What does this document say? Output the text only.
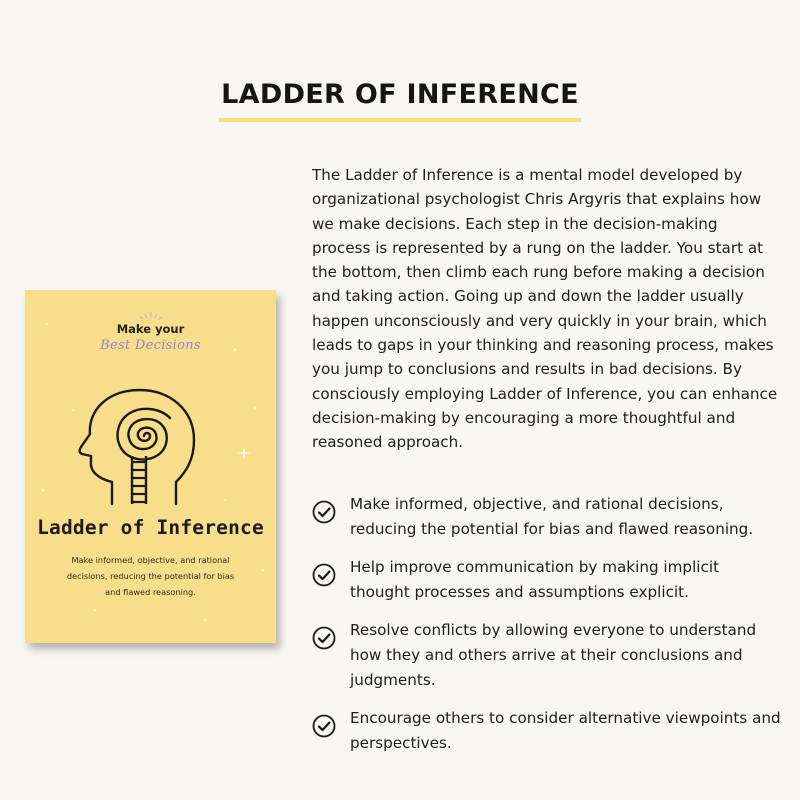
LADDER OF INFERENCE
Make your
Best Decisions
Ladder of Inference
Make informed, objective, and rational decisions, reducing the potential for bias and flawed reasoning.

The Ladder of Inference is a mental model developed by organizational psychologist Chris Argyris that explains how we make decisions. Each step in the decision-making process is represented by a rung on the ladder. You start at the bottom, then climb each rung before making a decision and taking action. Going up and down the ladder usually happen unconsciously and very quickly in your brain, which leads to gaps in your thinking and reasoning process, makes you jump to conclusions and results in bad decisions. By consciously employing Ladder of Inference, you can enhance decision-making by encouraging a more thoughtful and reasoned approach.

Make informed, objective, and rational decisions, reducing the potential for bias and flawed reasoning.
Help improve communication by making implicit thought processes and assumptions explicit.
Resolve conflicts by allowing everyone to understand how they and others arrive at their conclusions and judgments.
Encourage others to consider alternative viewpoints and perspectives.
